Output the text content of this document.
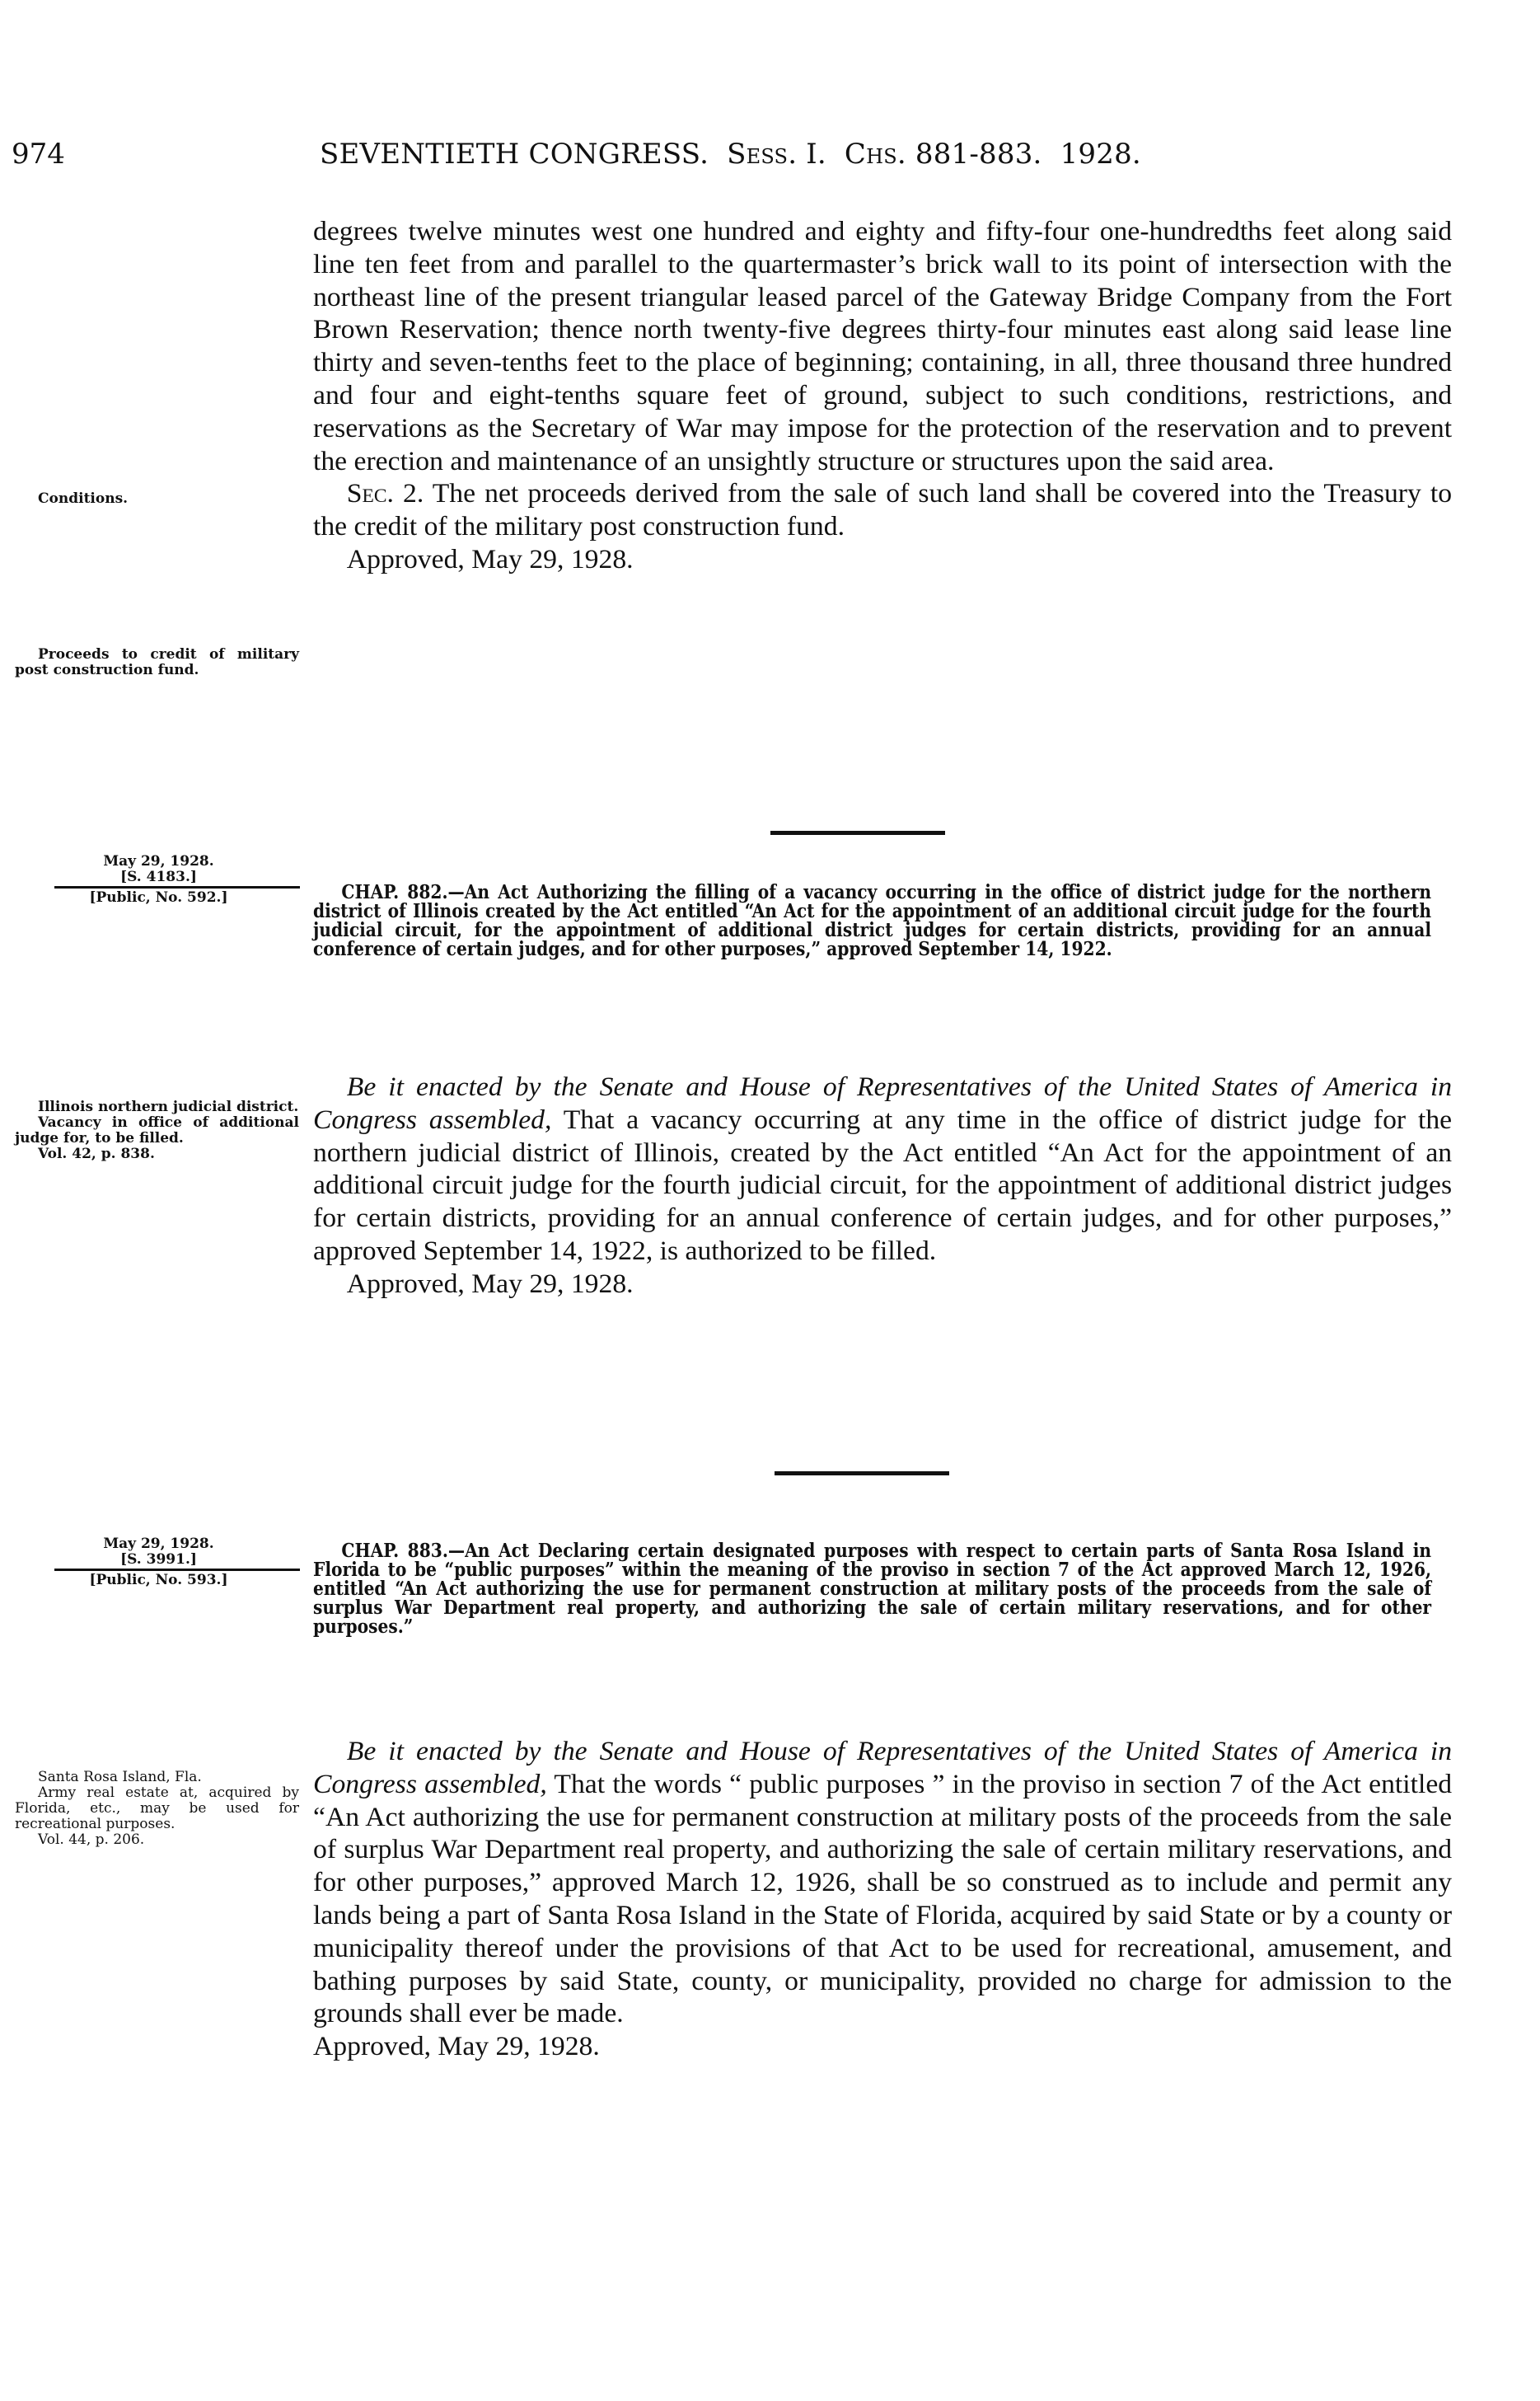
974	SEVENTIETH CONGRESS. Sess. I. Chs. 881-883. 1928.

degrees twelve minutes west one hundred and eighty and fifty-four one-hundredths feet along said line ten feet from and parallel to the quartermaster’s brick wall to its point of intersection with the northeast line of the present triangular leased parcel of the Gateway Bridge Company from the Fort Brown Reservation; thence north twenty-five degrees thirty-four minutes east along said lease line thirty and seven-tenths feet to the place of beginning; containing, in all, three thousand three hundred and four and eight-tenths square feet of ground, subject to such conditions, restrictions, and reservations as the Secretary of War may impose for the protection of the reservation and to prevent the erection and maintenance of an unsightly structure or structures upon the said area.

Sec. 2. The net proceeds derived from the sale of such land shall be covered into the Treasury to the credit of the military post construction fund.

Approved, May 29, 1928.

Conditions.

Proceeds to credit of military post construction fund.

May 29, 1928.
[S. 4183.]
[Public, No. 592.]	CHAP. 882.—An Act Authorizing the filling of a vacancy occurring in the office of district judge for the northern district of Illinois created by the Act entitled “An Act for the appointment of an additional circuit judge for the fourth judicial circuit, for the appointment of additional district judges for certain districts, providing for an annual conference of certain judges, and for other purposes,” approved September 14, 1922.

Be it enacted by the Senate and House of Representatives of the United States of America in Congress assembled, That a vacancy occurring at any time in the office of district judge for the northern judicial district of Illinois, created by the Act entitled “An Act for the appointment of an additional circuit judge for the fourth judicial circuit, for the appointment of additional district judges for certain districts, providing for an annual conference of certain judges, and for other purposes,” approved September 14, 1922, is authorized to be filled.

Approved, May 29, 1928.

Illinois northern judicial district.

Vacancy in office of additional judge for, to be filled.

Vol. 42, p. 838.

May 29, 1928.
[S. 3991.]
[Public, No. 593.]

CHAP. 883.—An Act Declaring certain designated purposes with respect to certain parts of Santa Rosa Island in Florida to be “public purposes” within the meaning of the proviso in section 7 of the Act approved March 12, 1926, entitled “An Act authorizing the use for permanent construction at military posts of the proceeds from the sale of surplus War Department real property, and authorizing the sale of certain military reservations, and for other purposes.”

Be it enacted by the Senate and House of Representatives of the United States of America in Congress assembled, That the words “ public purposes ” in the proviso in section 7 of the Act entitled “An Act authorizing the use for permanent construction at military posts of the proceeds from the sale of surplus War Department real property, and authorizing the sale of certain military reservations, and for other purposes,” approved March 12, 1926, shall be so construed as to include and permit any lands being a part of Santa Rosa Island in the State of Florida, acquired by said State or by a county or municipality thereof under the provisions of that Act to be used for recreational, amusement, and bathing purposes by said State, county, or municipality, provided no charge for admission to the grounds shall ever be made.

Approved, May 29, 1928.

Santa Rosa Island, Fla.

Army real estate at, acquired by Florida, etc., may be used for recreational purposes.

Vol. 44, p. 206.
